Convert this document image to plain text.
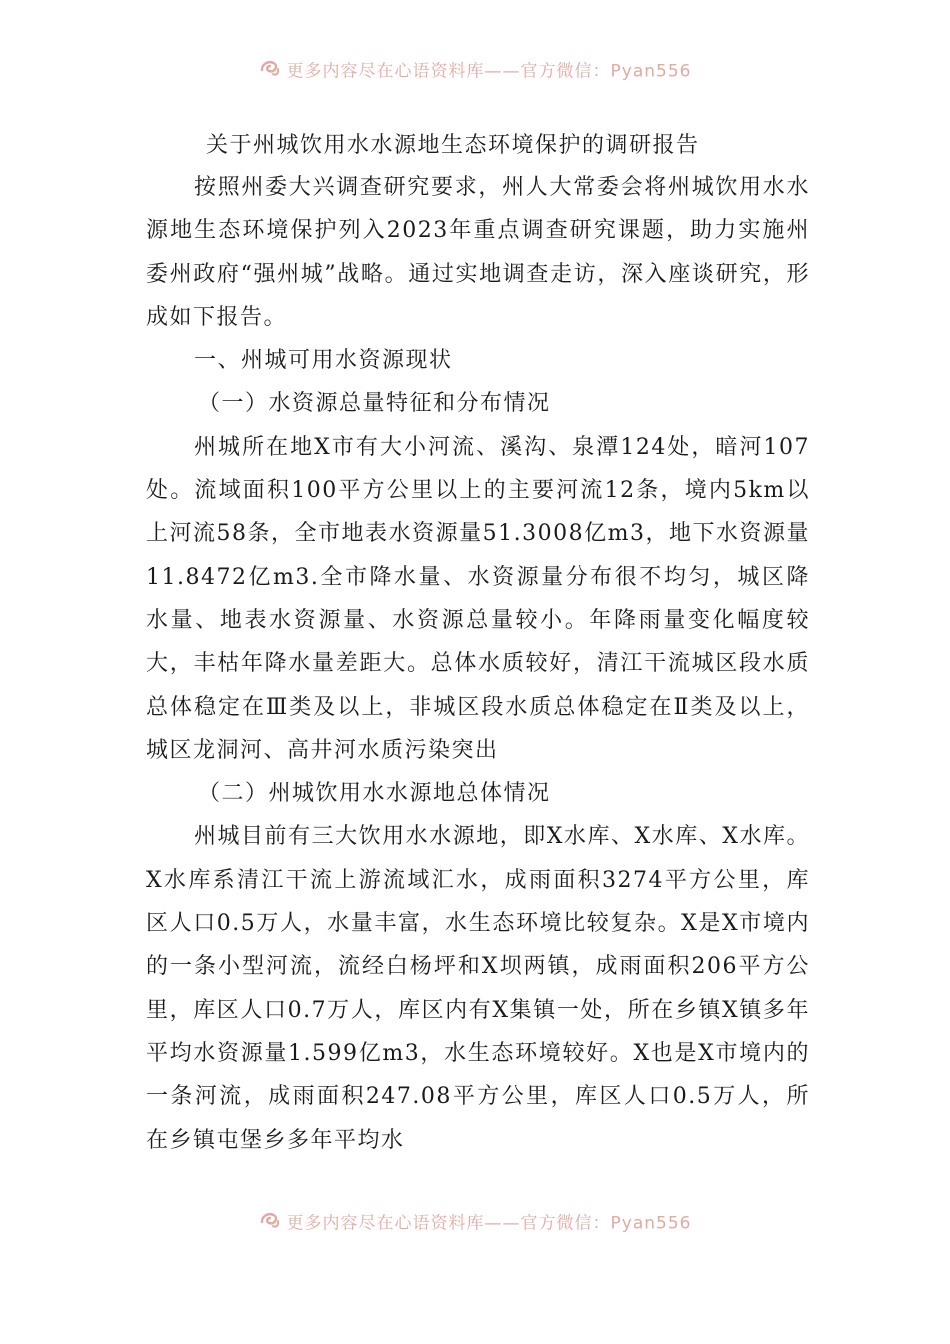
更多内容尽在心语资料库——官方微信：Pyan556
关于州城饮用水水源地生态环境保护的调研报告

按照州委大兴调查研究要求，州人大常委会将州城饮用水水源地生态环境保护列入2023年重点调查研究课题，助力实施州委州政府“强州城”战略。通过实地调查走访，深入座谈研究，形成如下报告。

一、州城可用水资源现状

（一）水资源总量特征和分布情况

州城所在地X市有大小河流、溪沟、泉潭124处，暗河107处。流域面积100平方公里以上的主要河流12条，境内5km以上河流58条，全市地表水资源量51.3008亿m3，地下水资源量11.8472亿m3.全市降水量、水资源量分布很不均匀，城区降水量、地表水资源量、水资源总量较小。年降雨量变化幅度较大，丰枯年降水量差距大。总体水质较好，清江干流城区段水质总体稳定在Ⅲ类及以上，非城区段水质总体稳定在Ⅱ类及以上，城区龙洞河、高井河水质污染突出

（二）州城饮用水水源地总体情况

州城目前有三大饮用水水源地，即X水库、X水库、X水库。X水库系清江干流上游流域汇水，成雨面积3274平方公里，库区人口0.5万人，水量丰富，水生态环境比较复杂。X是X市境内的一条小型河流，流经白杨坪和X坝两镇，成雨面积206平方公里，库区人口0.7万人，库区内有X集镇一处，所在乡镇X镇多年平均水资源量1.599亿m3，水生态环境较好。X也是X市境内的一条河流，成雨面积247.08平方公里，库区人口0.5万人，所在乡镇屯堡乡多年平均水

更多内容尽在心语资料库——官方微信：Pyan556
